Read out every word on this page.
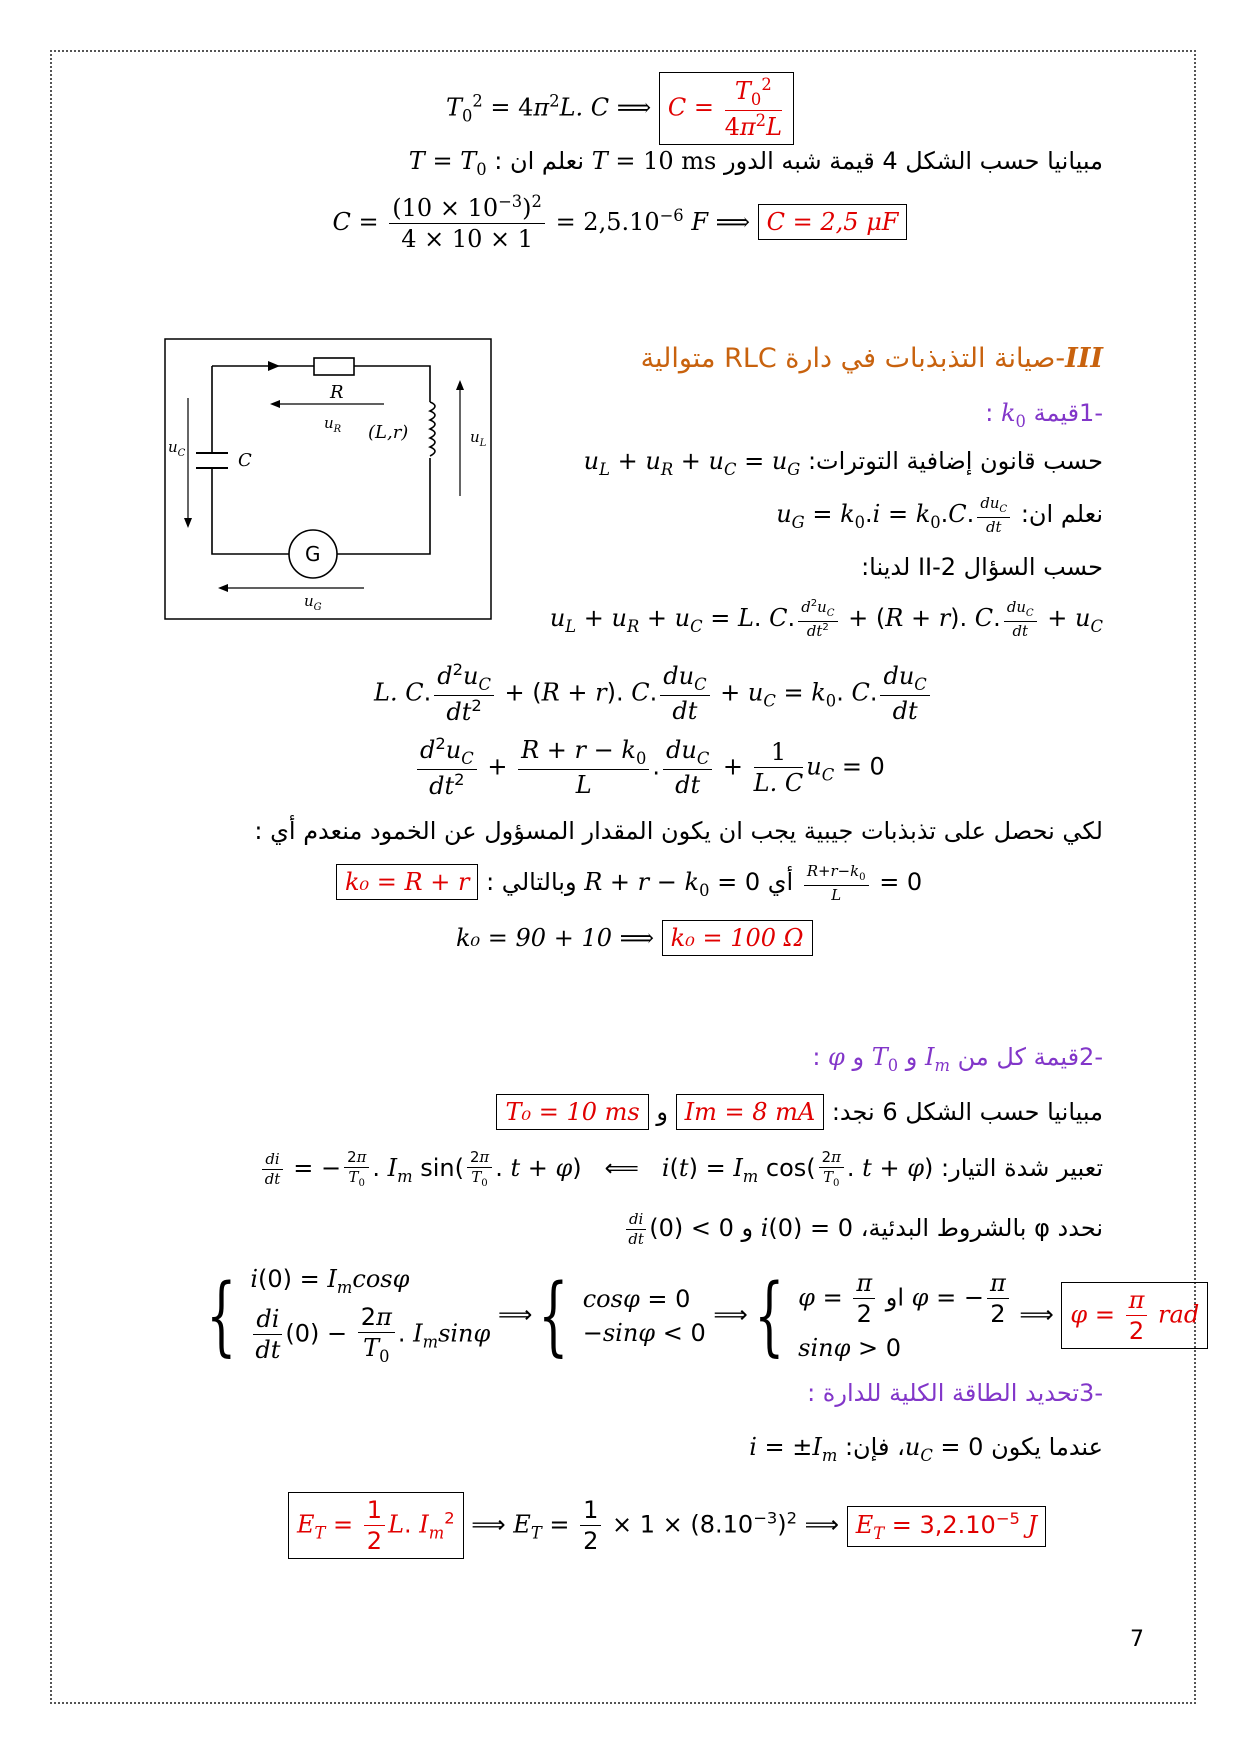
$T_0^2 = 4\pi^2L$. C ⟹ $C = \frac{T_0^2}{4\pi^2L}$
مبيانيا حسب الشكل 4 قيمة شبه الدور T = 10 ms نعلم ان : $T = T_0$
$C = \frac{(10 \times 10^{-3})^2}{4 \times 10 \times 1} = 2,5.10^{-6}$ F ⟹ C = 2,5 μF
R
$u_R$ (L,r)	$u_L$
C
$u_C$
G
$u_G$
III-صيانة التذبذبات في دارة RLC متوالية
-1قيمة $k_0$ :
حسب قانون إضافية التوترات: $u_L + u_R + u_C = u_G$
نعلم ان: $u_G = k_0.i = k_0.C$. $\frac{du_C}{dt}$
حسب السؤال II-2 لدينا:
$u_L + u_R + u_C = L$. C. $\frac{d^2u_C}{dt^2} + (R + r)$. C. $\frac{du_C}{dt} + u_C$
L. C. $\frac{d^2u_C}{dt^2} + (R + r)$. C. $\frac{du_C}{dt} + u_C = k_0$. C. $\frac{du_C}{dt}$
$\frac{d^2u_C}{dt^2} + \frac{R + r - k_0}{L}$ . $\frac{du_C}{dt} + \frac{1}{L. C} u_C = 0$
لكي نحصل على تذبذبات جيبية يجب ان يكون المقدار المسؤول عن الخمود منعدم أي :
$\frac{R+r-k_0}{L} = 0$ أي $R + r - k_0 = 0$ وبالتالي : k₀ = R + r
k₀ = 90 + 10 ⟹ k₀ = 100 Ω
-2قيمة كل من $I_m$ و $T_0$ و φ :
مبيانيا حسب الشكل 6 نجد: Im = 8 mA و T₀ = 10 ms
تعبير شدة التيار: $i(t) = I_m$ $\cos( \frac{2\pi}{T_0}$ . t + φ)   ⟸
$\frac{di}{dt}$ = − $\frac{2\pi}{T_0}$ . $I_m$ $\sin( \frac{2\pi}{T_0}$ . t + φ)
نحدد φ بالشروط البدئية، i(0) = 0 و
$\frac{di}{dt} (0) < 0$
{ $i(0) = I_m\cos\varphi$
$\frac{di}{dt} (0) - \frac{2\pi}{T_0}$ . $I_m\sin\varphi$
⟹{ cosφ = 0
−sinφ < 0
⟹{ $\varphi = \frac{\pi}{2}$ او φ = − $\frac{\pi}{2}$
sinφ > 0
⟹ $\varphi = \frac{\pi}{2}$ rad
-3تحديد الطاقة الكلية للدارة :
عندما يكون $u_C$ = 0، فإن: $i = \pm I_m$
$E_T = \frac{1}{2} L$. $I_m^2$ ⟹ $E_T = \frac{1}{2} \times 1 \times (8.10^{-3})^2$ ⟹ $E_T = 3,2.10^{-5}$ J
7
